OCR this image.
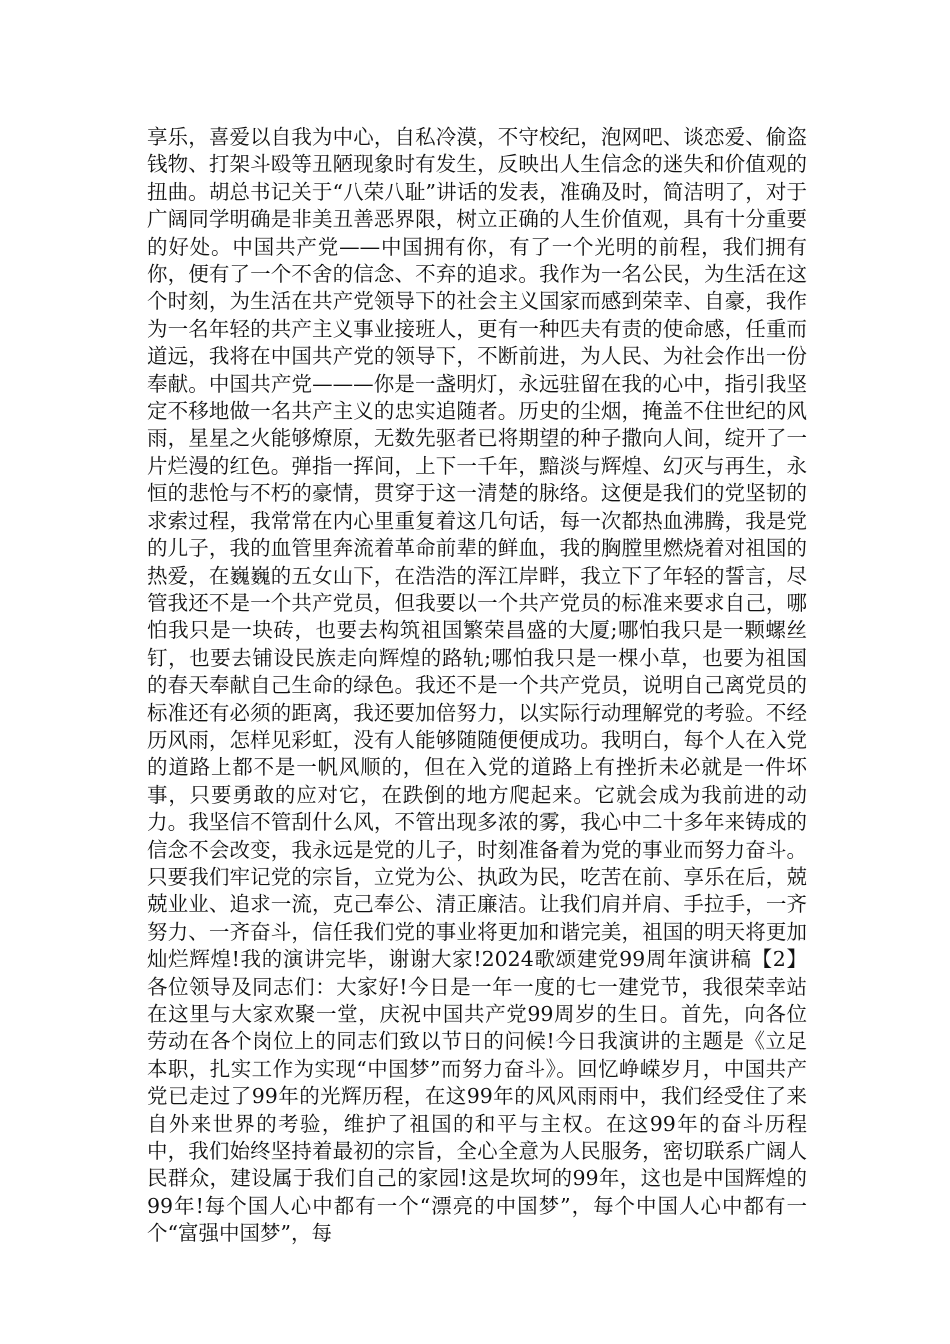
享乐，喜爱以自我为中心，自私冷漠，不守校纪，泡网吧、谈恋爱、偷盗钱物、打架斗殴等丑陋现象时有发生，反映出人生信念的迷失和价值观的扭曲。胡总书记关于“八荣八耻”讲话的发表，准确及时，简洁明了，对于广阔同学明确是非美丑善恶界限，树立正确的人生价值观，具有十分重要的好处。中国共产党——中国拥有你，有了一个光明的前程，我们拥有你，便有了一个不舍的信念、不弃的追求。我作为一名公民，为生活在这个时刻，为生活在共产党领导下的社会主义国家而感到荣幸、自豪，我作为一名年轻的共产主义事业接班人，更有一种匹夫有责的使命感，任重而道远，我将在中国共产党的领导下，不断前进，为人民、为社会作出一份奉献。中国共产党———你是一盏明灯，永远驻留在我的心中，指引我坚定不移地做一名共产主义的忠实追随者。历史的尘烟，掩盖不住世纪的风雨，星星之火能够燎原，无数先驱者已将期望的种子撒向人间，绽开了一片烂漫的红色。弹指一挥间，上下一千年，黯淡与辉煌、幻灭与再生，永恒的悲怆与不朽的豪情，贯穿于这一清楚的脉络。这便是我们的党坚韧的求索过程，我常常在内心里重复着这几句话，每一次都热血沸腾，我是党的儿子，我的血管里奔流着革命前辈的鲜血，我的胸膛里燃烧着对祖国的热爱，在巍巍的五女山下，在浩浩的浑江岸畔，我立下了年轻的誓言，尽管我还不是一个共产党员，但我要以一个共产党员的标准来要求自己，哪怕我只是一块砖，也要去构筑祖国繁荣昌盛的大厦;哪怕我只是一颗螺丝钉，也要去铺设民族走向辉煌的路轨;哪怕我只是一棵小草，也要为祖国的春天奉献自己生命的绿色。我还不是一个共产党员，说明自己离党员的标准还有必须的距离，我还要加倍努力，以实际行动理解党的考验。不经历风雨，怎样见彩虹，没有人能够随随便便成功。我明白，每个人在入党的道路上都不是一帆风顺的，但在入党的道路上有挫折未必就是一件坏事，只要勇敢的应对它，在跌倒的地方爬起来。它就会成为我前进的动力。我坚信不管刮什么风，不管出现多浓的雾，我心中二十多年来铸成的信念不会改变，我永远是党的儿子，时刻准备着为党的事业而努力奋斗。只要我们牢记党的宗旨，立党为公、执政为民，吃苦在前、享乐在后，兢兢业业、追求一流，克己奉公、清正廉洁。让我们肩并肩、手拉手，一齐努力、一齐奋斗，信任我们党的事业将更加和谐完美，祖国的明天将更加灿烂辉煌!我的演讲完毕，谢谢大家!2024歌颂建党99周年演讲稿【2】各位领导及同志们：大家好!今日是一年一度的七一建党节，我很荣幸站在这里与大家欢聚一堂，庆祝中国共产党99周岁的生日。首先，向各位劳动在各个岗位上的同志们致以节日的问候!今日我演讲的主题是《立足本职，扎实工作为实现“中国梦”而努力奋斗》。回忆峥嵘岁月，中国共产党已走过了99年的光辉历程，在这99年的风风雨雨中，我们经受住了来自外来世界的考验，维护了祖国的和平与主权。在这99年的奋斗历程中，我们始终坚持着最初的宗旨，全心全意为人民服务，密切联系广阔人民群众，建设属于我们自己的家园!这是坎坷的99年，这也是中国辉煌的99年!每个国人心中都有一个“漂亮的中国梦”，每个中国人心中都有一个“富强中国梦”，每
